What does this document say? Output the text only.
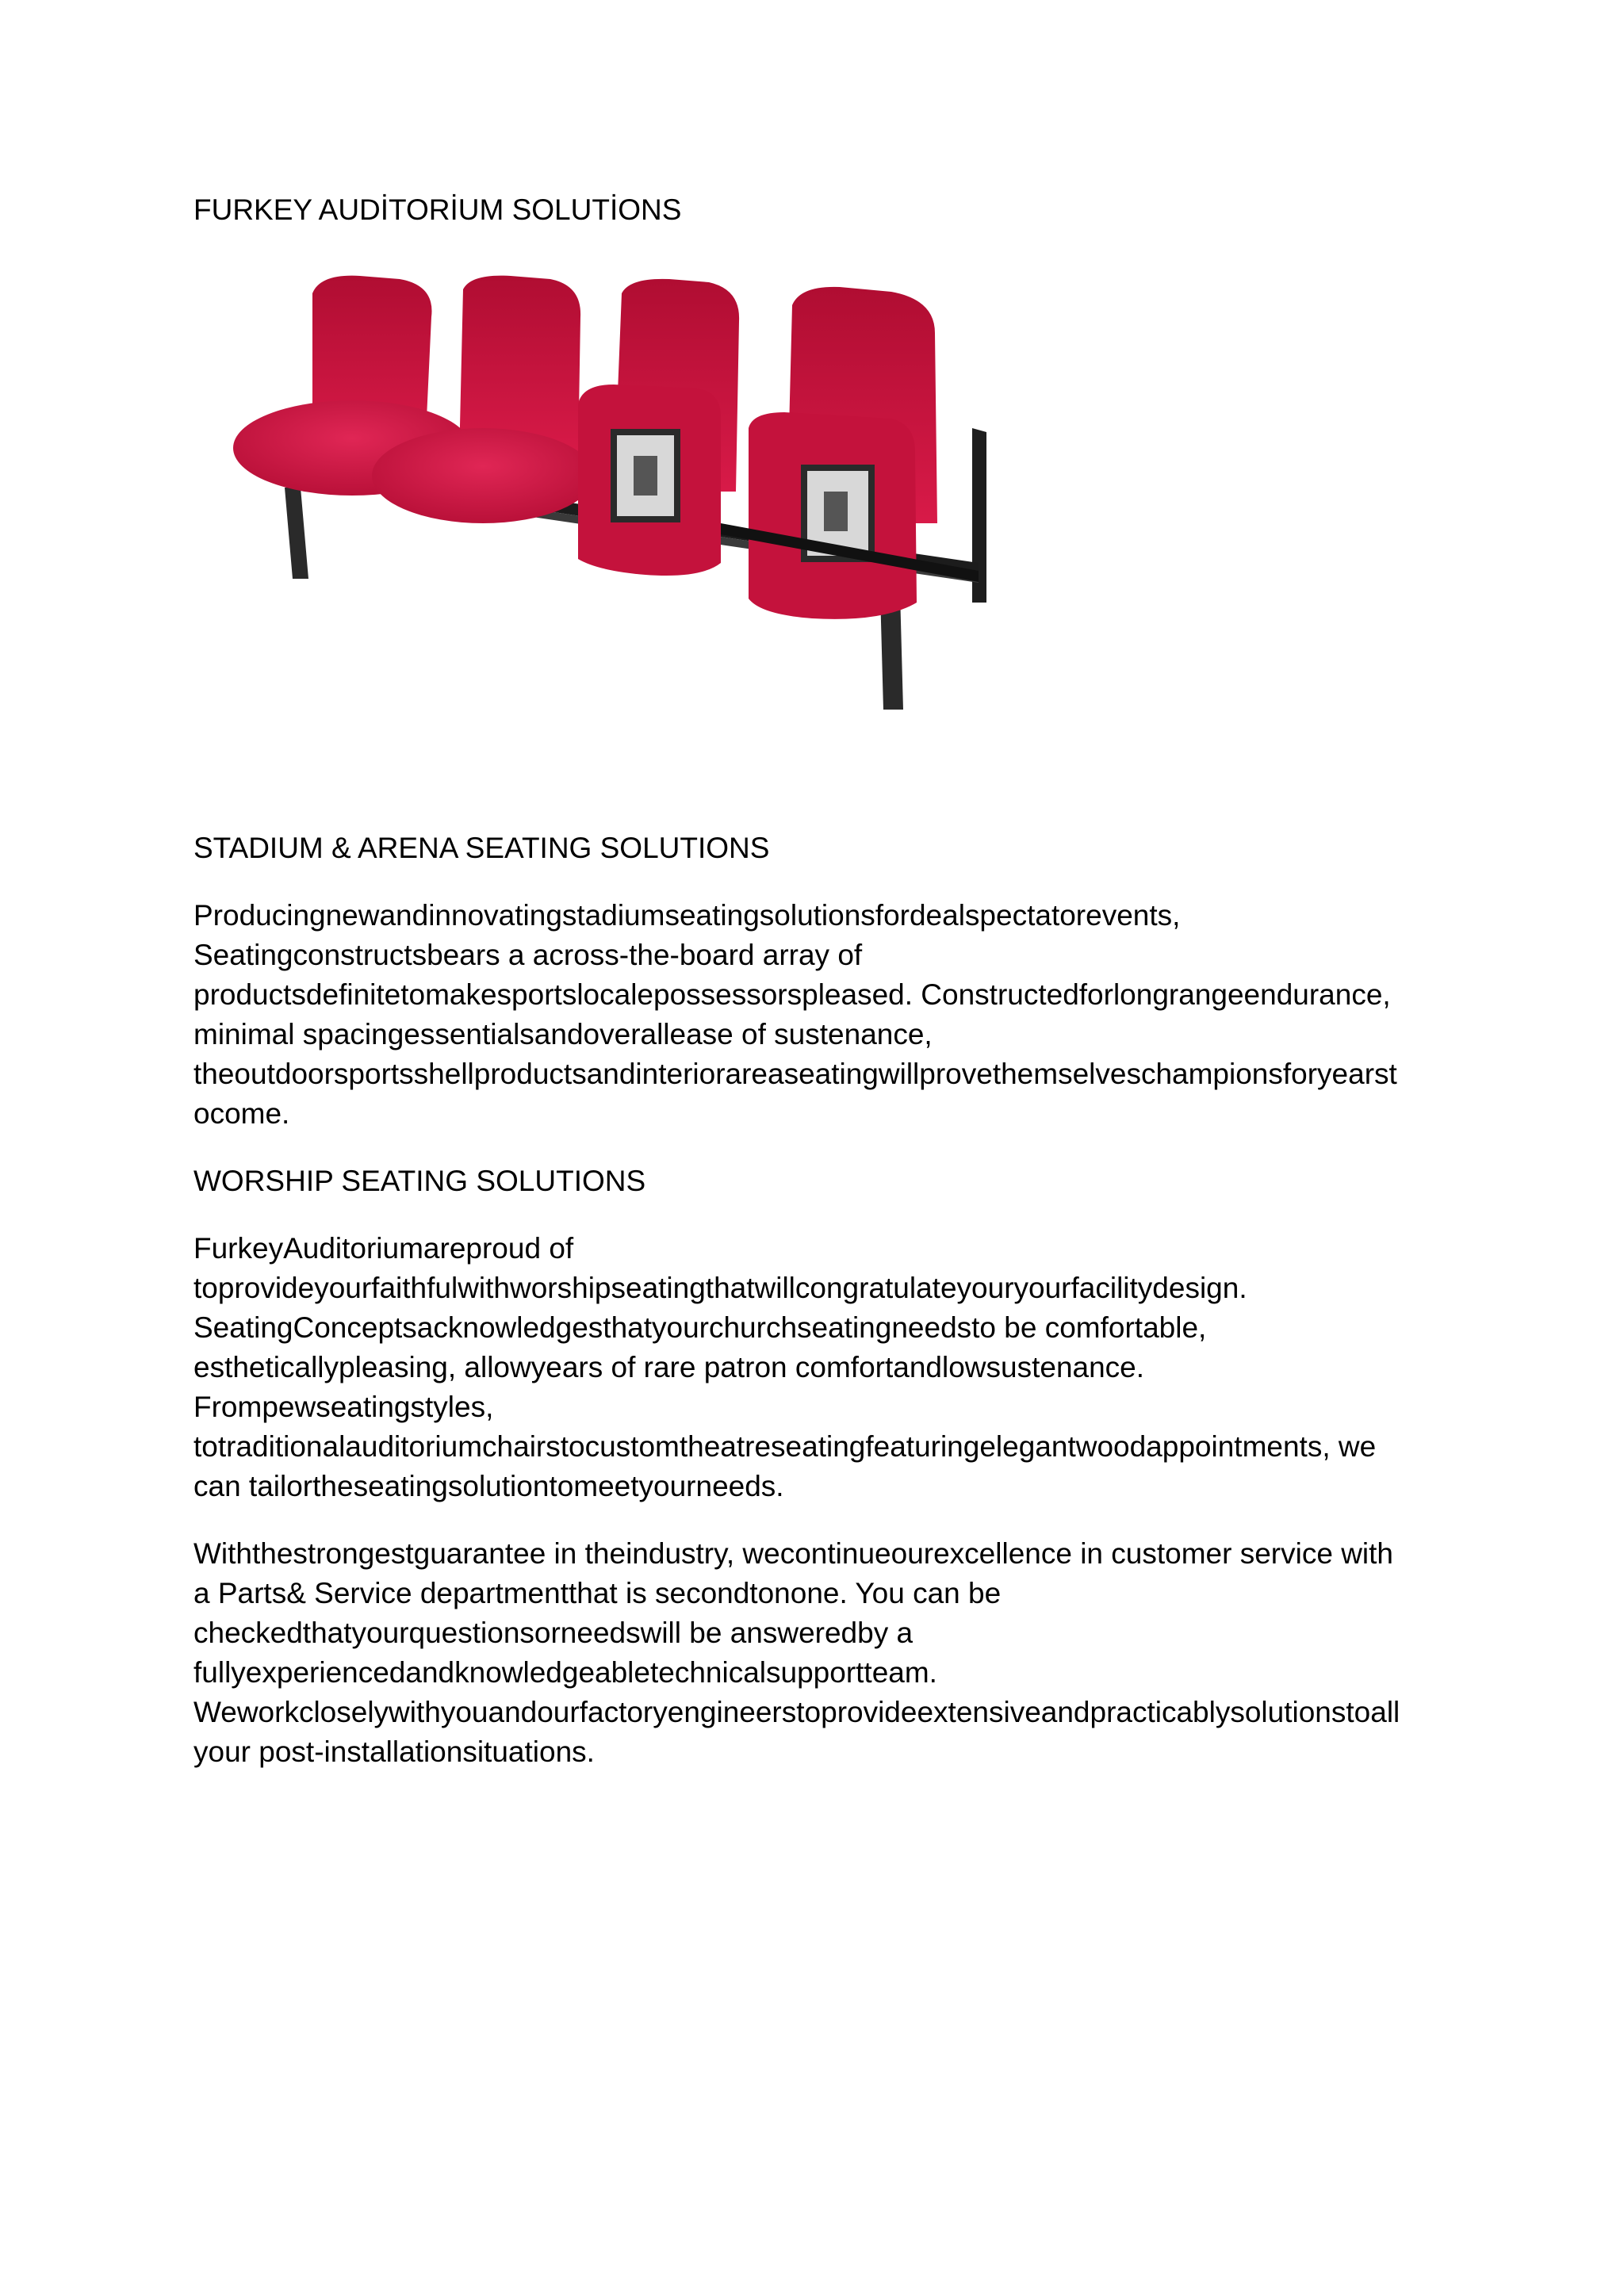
FURKEY AUDİTORİUM SOLUTİONS
STADIUM & ARENA SEATING SOLUTIONS

Producingnewandinnovatingstadiumseatingsolutionsfordealspectatorevents,
Seatingconstructsbears a across-the-board array of
productsdefinitetomakesportslocalepossessorspleased. Constructedforlongrangeendurance,
minimal spacingessentialsandoverallease of sustenance,
theoutdoorsportsshellproductsandinteriorareaseatingwillprovethemselveschampionsforyearst
ocome.

WORSHIP SEATING SOLUTIONS

FurkeyAuditoriumareproud of
toprovideyourfaithfulwithworshipseatingthatwillcongratulateyouryourfacilitydesign.
SeatingConceptsacknowledgesthatyourchurchseatingneedsto be comfortable,
estheticallypleasing, allowyears of rare patron comfortandlowsustenance.
Frompewseatingstyles,
totraditionalauditoriumchairstocustomtheatreseatingfeaturingelegantwoodappointments, we
can tailortheseatingsolutiontomeetyourneeds.

Withthestrongestguarantee in theindustry, wecontinueourexcellence in customer service with
a Parts& Service departmentthat is secondtonone. You can be
checkedthatyourquestionsorneedswill be answeredby a
fullyexperiencedandknowledgeabletechnicalsupportteam.
Weworkcloselywithyouandourfactoryengineerstoprovideextensiveandpracticablysolutionstoall
your post-installationsituations.
